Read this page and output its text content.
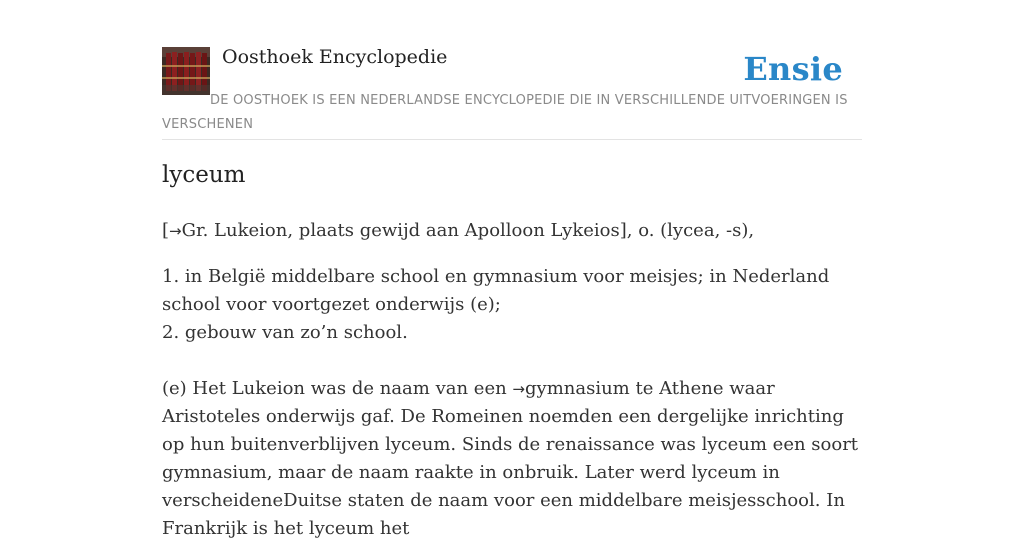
Oosthoek Encyclopedie	Ensie
DE OOSTHOEK IS EEN NEDERLANDSE ENCYCLOPEDIE DIE IN VERSCHILLENDE UITVOERINGEN IS VERSCHENEN
lyceum
[→Gr. Lukeion, plaats gewijd aan Apolloon Lykeios], o. (lycea, -s),

1. in België middelbare school en gymnasium voor meisjes; in Nederland school voor voortgezet onderwijs (e);

2. gebouw van zo’n school.

(e) Het Lukeion was de naam van een →gymnasium te Athene waar Aristoteles onderwijs gaf. De Romeinen noemden een dergelijke inrichting op hun buitenverblijven lyceum. Sinds de renaissance was lyceum een soort gymnasium, maar de naam raakte in onbruik. Later werd lyceum in verscheideneDuitse staten de naam voor een middelbare meisjesschool. In Frankrijk is het lyceum het
